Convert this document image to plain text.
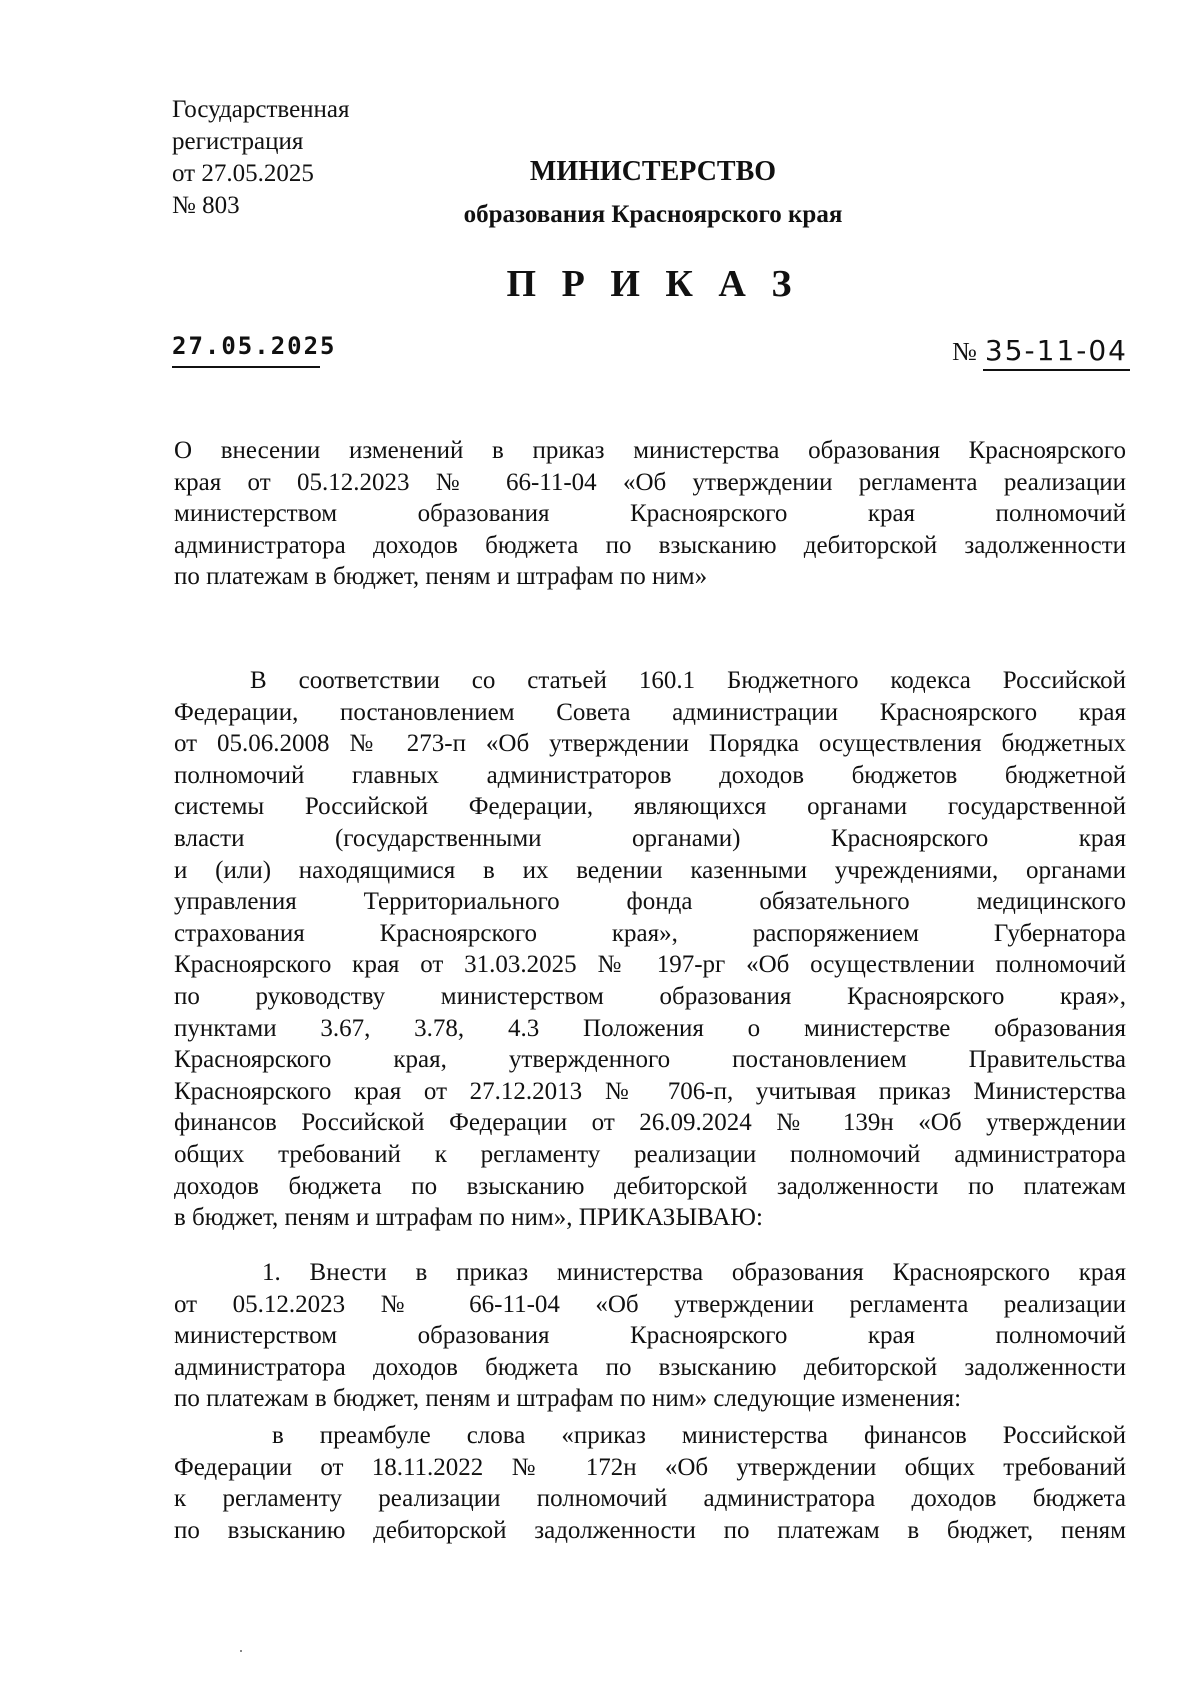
Государственная
регистрация
от 27.05.2025
№ 803
МИНИСТЕРСТВО
образования Красноярского края
П Р И К А З
27.05.2025	№ 35-11-04
О внесении изменений в приказ министерства образования Красноярского
края от 05.12.2023 № 66-11-04 «Об утверждении регламента реализации
министерством образования Красноярского края полномочий
администратора доходов бюджета по взысканию дебиторской задолженности
по платежам в бюджет, пеням и штрафам по ним»
В соответствии со статьей 160.1 Бюджетного кодекса Российской
Федерации, постановлением Совета администрации Красноярского края
от 05.06.2008 № 273-п «Об утверждении Порядка осуществления бюджетных
полномочий главных администраторов доходов бюджетов бюджетной
системы Российской Федерации, являющихся органами государственной
власти (государственными органами) Красноярского края
и (или) находящимися в их ведении казенными учреждениями, органами
управления Территориального фонда обязательного медицинского
страхования Красноярского края», распоряжением Губернатора
Красноярского края от 31.03.2025 № 197-рг «Об осуществлении полномочий
по руководству министерством образования Красноярского края»,
пунктами 3.67, 3.78, 4.3 Положения о министерстве образования
Красноярского края, утвержденного постановлением Правительства
Красноярского края от 27.12.2013 № 706-п, учитывая приказ Министерства
финансов Российской Федерации от 26.09.2024 № 139н «Об утверждении
общих требований к регламенту реализации полномочий администратора
доходов бюджета по взысканию дебиторской задолженности по платежам
в бюджет, пеням и штрафам по ним», ПРИКАЗЫВАЮ:
1. Внести в приказ министерства образования Красноярского края
от 05.12.2023 № 66-11-04 «Об утверждении регламента реализации
министерством образования Красноярского края полномочий
администратора доходов бюджета по взысканию дебиторской задолженности
по платежам в бюджет, пеням и штрафам по ним» следующие изменения:
в преамбуле слова «приказ министерства финансов Российской
Федерации от 18.11.2022 № 172н «Об утверждении общих требований
к регламенту реализации полномочий администратора доходов бюджета
по взысканию дебиторской задолженности по платежам в бюджет, пеням
